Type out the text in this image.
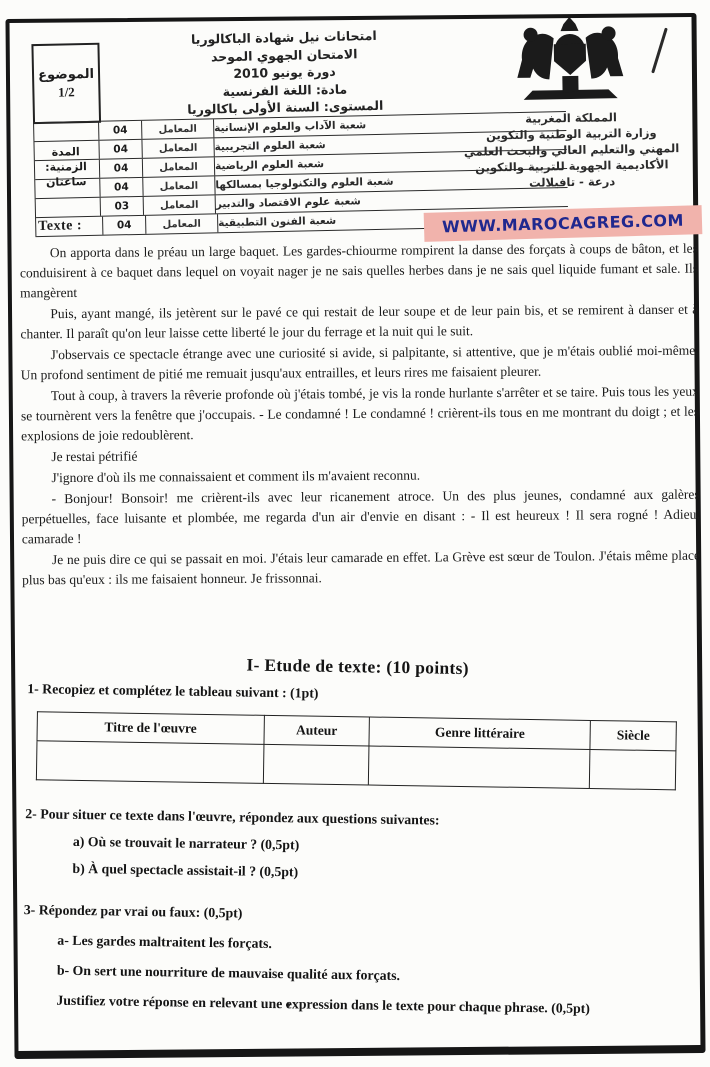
الموضوع
1/2
امتحانات نيل شهادة الباكالوريا
الامتحان الجهوي الموحد
دورة يونيو 2010
مادة: اللغة الفرنسية
المستوى: السنة الأولى باكالوريا
04	المعامل	شعبة الآداب والعلوم الإنسانية
04	المعامل	شعبة العلوم التجريبية
04	المعامل	شعبة العلوم الرياضية
04	المعامل	شعبة العلوم والتكنولوجيا بمسالكها
03	المعامل	شعبة علوم الاقتصاد والتدبير
Texte :	04	المعامل	شعبة الفنون التطبيقية
المدة الزمنية:
ساعتان
المملكة المغربية
وزارة التربية الوطنية والتكوين
المهني والتعليم العالي والبحث العلمي
الأكاديمية الجهوية للتربية والتكوين
درعة - تافيلالت
WWW.MAROCAGREG.COM

On apporta dans le préau un large baquet. Les gardes-chiourme rompirent la danse des forçats à coups de bâton, et les conduisirent à ce baquet dans lequel on voyait nager je ne sais quelles herbes dans je ne sais quel liquide fumant et sale. Ils mangèrent

Puis, ayant mangé, ils jetèrent sur le pavé ce qui restait de leur soupe et de leur pain bis, et se remirent à danser et à chanter. Il paraît qu'on leur laisse cette liberté le jour du ferrage et la nuit qui le suit.

J'observais ce spectacle étrange avec une curiosité si avide, si palpitante, si attentive, que je m'étais oublié moi-même. Un profond sentiment de pitié me remuait jusqu'aux entrailles, et leurs rires me faisaient pleurer.

Tout à coup, à travers la rêverie profonde où j'étais tombé, je vis la ronde hurlante s'arrêter et se taire. Puis tous les yeux se tournèrent vers la fenêtre que j'occupais. - Le condamné ! Le condamné ! crièrent-ils tous en me montrant du doigt ; et les explosions de joie redoublèrent.

Je restai pétrifié

J'ignore d'où ils me connaissaient et comment ils m'avaient reconnu.

- Bonjour! Bonsoir! me crièrent-ils avec leur ricanement atroce. Un des plus jeunes, condamné aux galères perpétuelles, face luisante et plombée, me regarda d'un air d'envie en disant : - Il est heureux ! Il sera rogné ! Adieu, camarade !

Je ne puis dire ce qui se passait en moi. J'étais leur camarade en effet. La Grève est sœur de Toulon. J'étais même placé plus bas qu'eux : ils me faisaient honneur. Je frissonnai.

I- Etude de texte: (10 points)
1- Recopiez et complétez le tableau suivant : (1pt)
Titre de l'œuvre	Auteur	Genre littéraire	Siècle

2- Pour situer ce texte dans l'œuvre, répondez aux questions suivantes:
a) Où se trouvait le narrateur ? (0,5pt)
b) À quel spectacle assistait-il ? (0,5pt)
3- Répondez par vrai ou faux: (0,5pt)
a- Les gardes maltraitent les forçats.
b- On sert une nourriture de mauvaise qualité aux forçats.
Justifiez votre réponse en relevant une expression dans le texte pour chaque phrase. (0,5pt)
